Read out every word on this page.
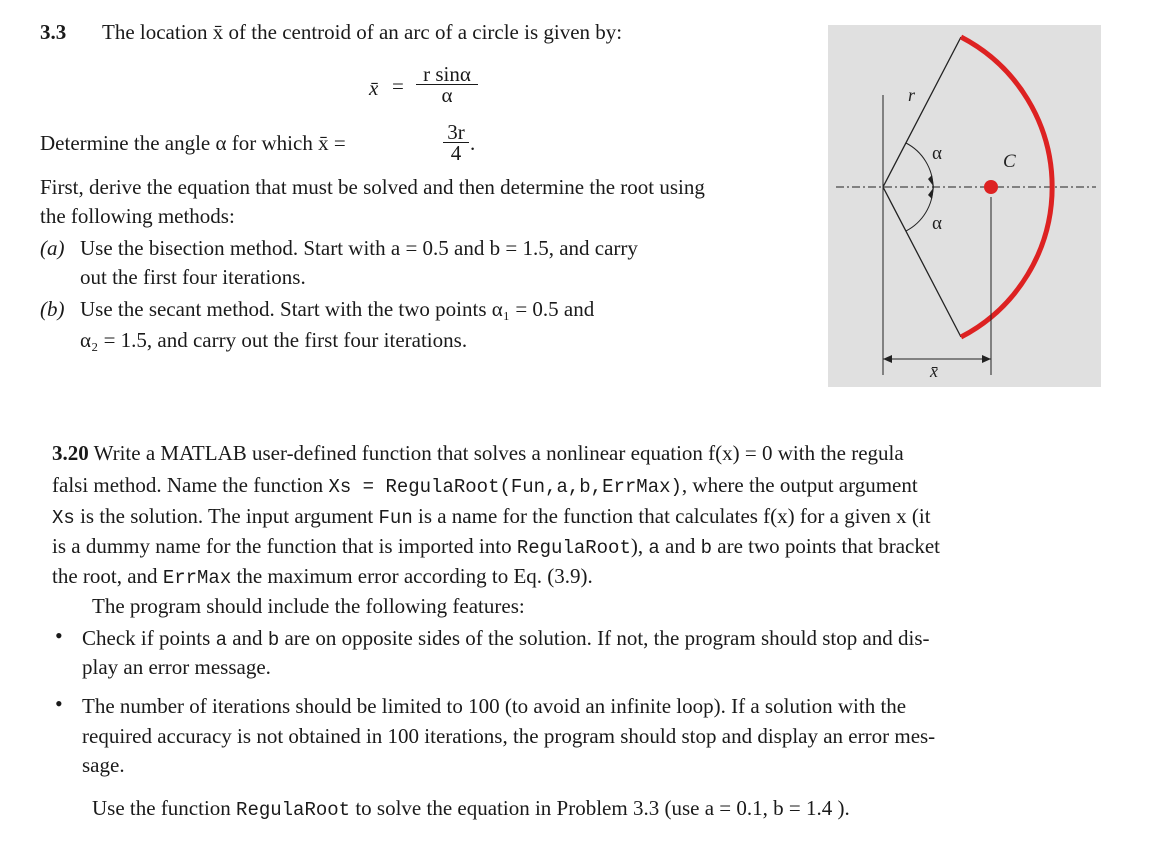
3.3 The location x̄ of the centroid of an arc of a circle is given by:
x̄ = r sinα
α
Determine the angle α for which x̄ =	3r
4 .
First, derive the equation that must be solved and then determine the root using
the following methods:
(a) Use the bisection method. Start with a = 0.5 and b = 1.5, and carry
out the first four iterations.
(b) Use the secant method. Start with the two points α₁ = 0.5 and
α₂ = 1.5, and carry out the first four iterations.
r
α
α
C
x̄
3.20 Write a MATLAB user-defined function that solves a nonlinear equation f(x) = 0 with the regula
falsi method. Name the function Xs = RegulaRoot(Fun,a,b,ErrMax), where the output argument
Xs is the solution. The input argument Fun is a name for the function that calculates f(x) for a given x (it
is a dummy name for the function that is imported into RegulaRoot), a and b are two points that bracket
the root, and ErrMax the maximum error according to Eq. (3.9).
The program should include the following features:
• Check if points a and b are on opposite sides of the solution. If not, the program should stop and dis-
play an error message.
• The number of iterations should be limited to 100 (to avoid an infinite loop). If a solution with the
required accuracy is not obtained in 100 iterations, the program should stop and display an error mes-
sage.
Use the function RegulaRoot to solve the equation in Problem 3.3 (use a = 0.1, b = 1.4 ).
